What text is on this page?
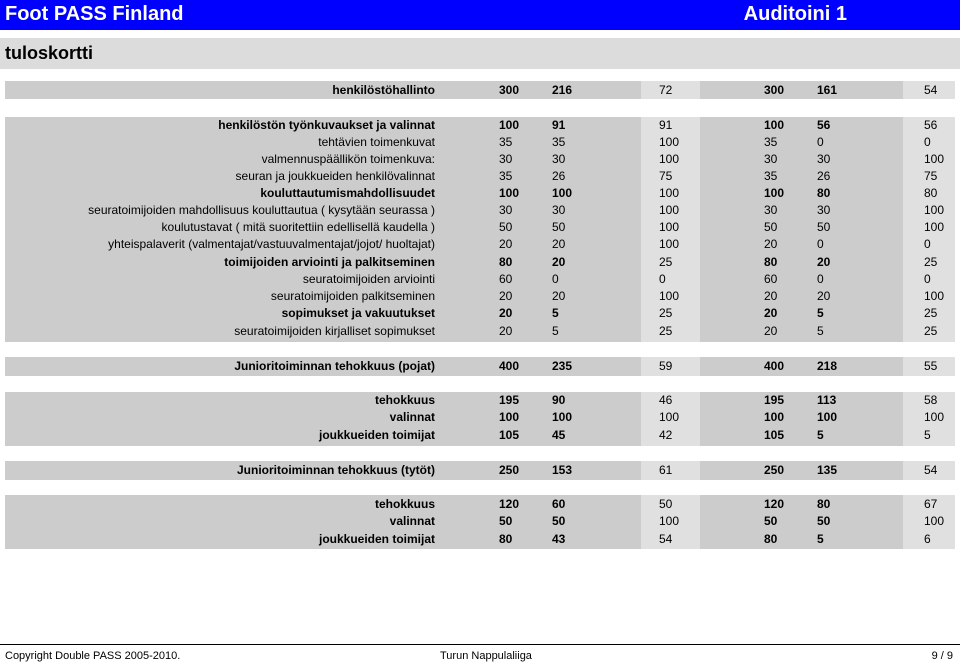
Foot PASS Finland	Auditoini 1
tuloskortti
henkilöstöhallinto	300	216	72	300	161	54
henkilöstön työnkuvaukset ja valinnat	100	91	91	100	56	56
tehtävien toimenkuvat	35	35	100	35	0	0
valmennuspäällikön toimenkuva:	30	30	100	30	30	100
seuran ja joukkueiden henkilövalinnat	35	26	75	35	26	75
kouluttautumismahdollisuudet	100	100	100	100	80	80
seuratoimijoiden mahdollisuus kouluttautua ( kysytään seurassa )	30	30	100	30	30	100
koulutustavat ( mitä suoritettiin edellisellä kaudella )	50	50	100	50	50	100
yhteispalaverit (valmentajat/vastuuvalmentajat/jojot/ huoltajat)	20	20	100	20	0	0
toimijoiden arviointi ja palkitseminen	80	20	25	80	20	25
seuratoimijoiden arviointi	60	0	0	60	0	0
seuratoimijoiden palkitseminen	20	20	100	20	20	100
sopimukset ja vakuutukset	20	5	25	20	5	25
seuratoimijoiden kirjalliset sopimukset	20	5	25	20	5	25
Junioritoiminnan tehokkuus (pojat)	400	235	59	400	218	55
tehokkuus	195	90	46	195	113	58
valinnat	100	100	100	100	100	100
joukkueiden toimijat	105	45	42	105	5	5
Junioritoiminnan tehokkuus (tytöt)	250	153	61	250	135	54
tehokkuus	120	60	50	120	80	67
valinnat	50	50	100	50	50	100
joukkueiden toimijat	80	43	54	80	5	6
Copyright Double PASS 2005-2010.	Turun Nappulaliiga	9 / 9
